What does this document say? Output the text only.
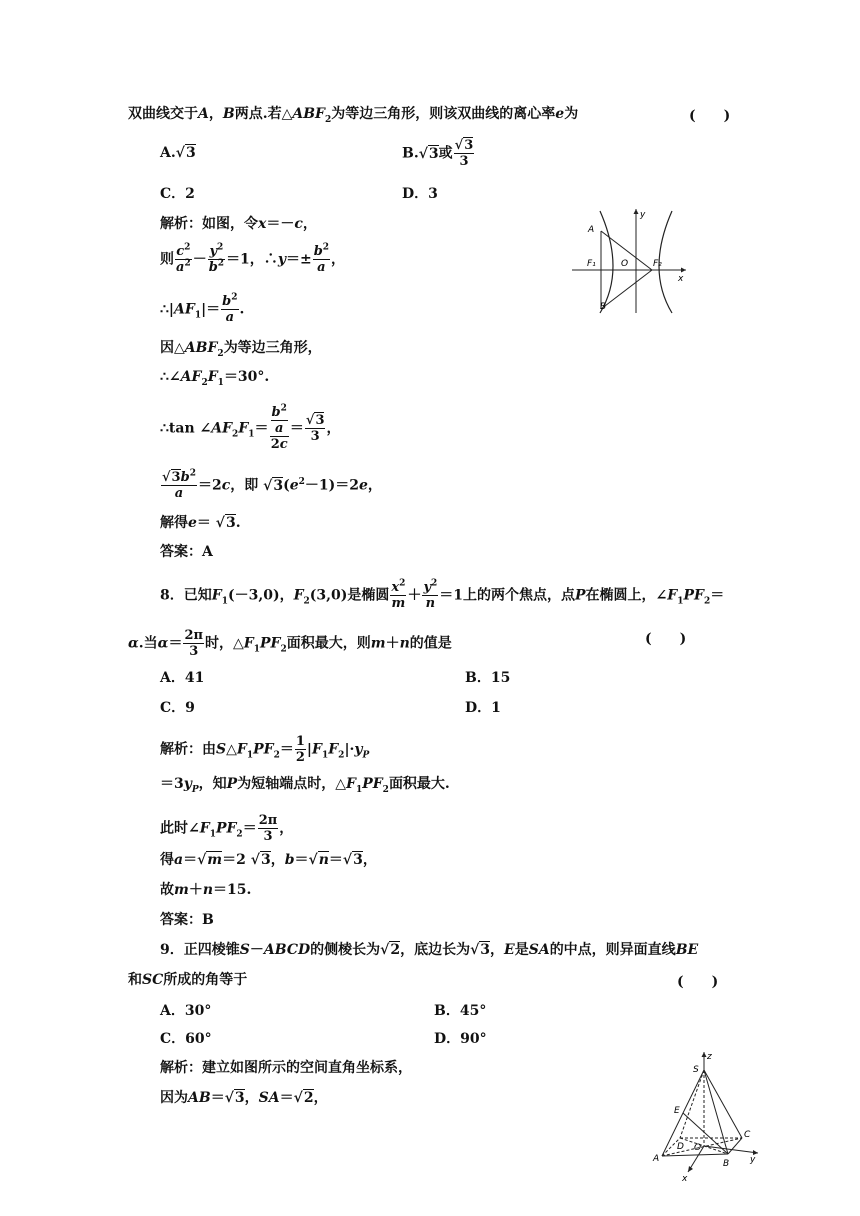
双曲线交于A，B两点.若$\triangle ABF_2$为等边三角形，则该双曲线的离心率e为	(　　)
A. √ 3	B. √ 3或 √ $\frac{3}{3}$
C．2	D．3
解析：如图，令x＝－c，
则 $\frac{c^2}{a^2} - \frac{y^2}{b^2} =1$，∴y＝± $\frac{b^2}{a}$ ，
$\therefore|AF_1|= \frac{b^2}{a}$ .
因$\triangle ABF_2$为等边三角形，
$\therefore\angle AF_2F_1=30^\circ$.
∴tan $\angle AF_2F_1= \frac{\frac{b^2}{a}}{2c}$ ＝ √ $\frac{3}{3}$ ，
√ $\frac{3b^2}{a} =2c$，即 √ $3(e^2-1)=2e$，
解得e＝ √ 3.
答案：A
y
A
F₁	O	F₂
x
B
8．已知$F_1(-3,0)$，$F_2(3,0)$是椭圆 $\frac{x^2}{m} + \frac{y^2}{n} =1$上的两个焦点，点P在椭圆上，$\angle F_1PF_2=$
α.当$\alpha= \frac{2\pi}{3}$ 时，$\triangle F_1PF_2$面积最大，则m＋n的值是	(　　)
A．41	B．15
C．9	D．1
解析：由$S\triangle F_1PF_2= \frac{1}{2} |F_1F_2|\cdot y_P$
$=3y_P$，知P为短轴端点时，$\triangle F_1PF_2$面积最大.
此时$\angle F_1PF_2= \frac{2\pi}{3}$ ，
得a＝ √ m＝2 √ 3，b＝ √ n＝ √ 3，
故m＋n＝15.
答案：B
9．正四棱锥S－ABCD的侧棱长为 √ 2，底边长为 √ 3，E是SA的中点，则异面直线BE
和SC所成的角等于	(　　)
A．30°	B．45°
C．60°	D．90°
解析：建立如图所示的空间直角坐标系，
因为AB＝ √ 3，SA＝ √ 2，
z
S
E
C
A
D O
B y
x
